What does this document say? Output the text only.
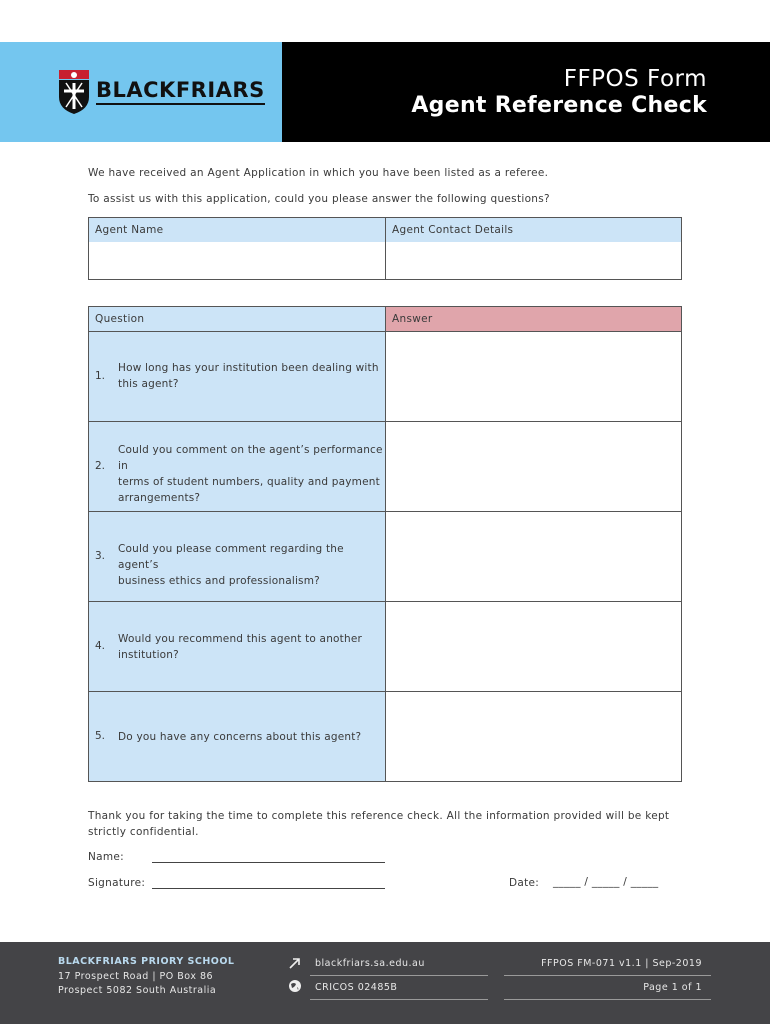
BLACKFRIARS	FFPOS Form
Agent Reference Check
We have received an Agent Application in which you have been listed as a referee.
To assist us with this application, could you please answer the following questions?
Agent Name	Agent Contact Details
Question	Answer
1.
How long has your institution been dealing with
this agent?
2.
Could you comment on the agent’s performance in
terms of student numbers, quality and payment
arrangements?
3.
Could you please comment regarding the agent’s
business ethics and professionalism?
4.
Would you recommend this agent to another
institution?
5. Do you have any concerns about this agent?
Thank you for taking the time to complete this reference check. All the information provided will be kept strictly confidential.
Name:
Signature:	Date: _____ / _____ / _____
BLACKFRIARS PRIORY SCHOOL
17 Prospect Road | PO Box 86
Prospect 5082 South Australia
blackfriars.sa.edu.au
CRICOS 02485B
FFPOS FM-071 v1.1 | Sep-2019
Page 1 of 1
